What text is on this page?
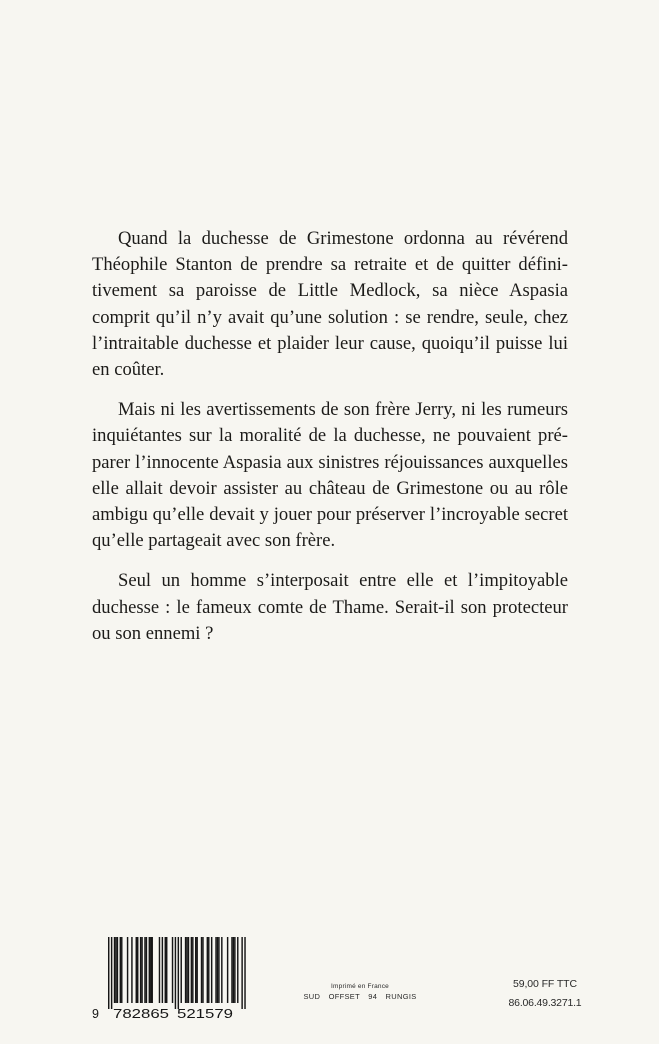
Quand la duchesse de Grimestone ordonna au révérend Théophile Stanton de prendre sa retraite et de quitter définitivement sa paroisse de Little Medlock, sa nièce Aspasia comprit qu’il n’y avait qu’une solution : se rendre, seule, chez l’intraitable duchesse et plaider leur cause, quoiqu’il puisse lui en coûter.

Mais ni les avertissements de son frère Jerry, ni les rumeurs inquiétantes sur la moralité de la duchesse, ne pouvaient préparer l’innocente Aspasia aux sinistres réjouissances auxquelles elle allait devoir assister au château de Grimestone ou au rôle ambigu qu’elle devait y jouer pour préserver l’incroyable secret qu’elle partageait avec son frère.

Seul un homme s’interposait entre elle et l’impitoyable duchesse : le fameux comte de Thame. Serait-il son protecteur ou son ennemi ?

9 782865 521579
Imprimé en France
SUD OFFSET 94 RUNGIS
59,00 FF TTC
86.06.49.3271.1
